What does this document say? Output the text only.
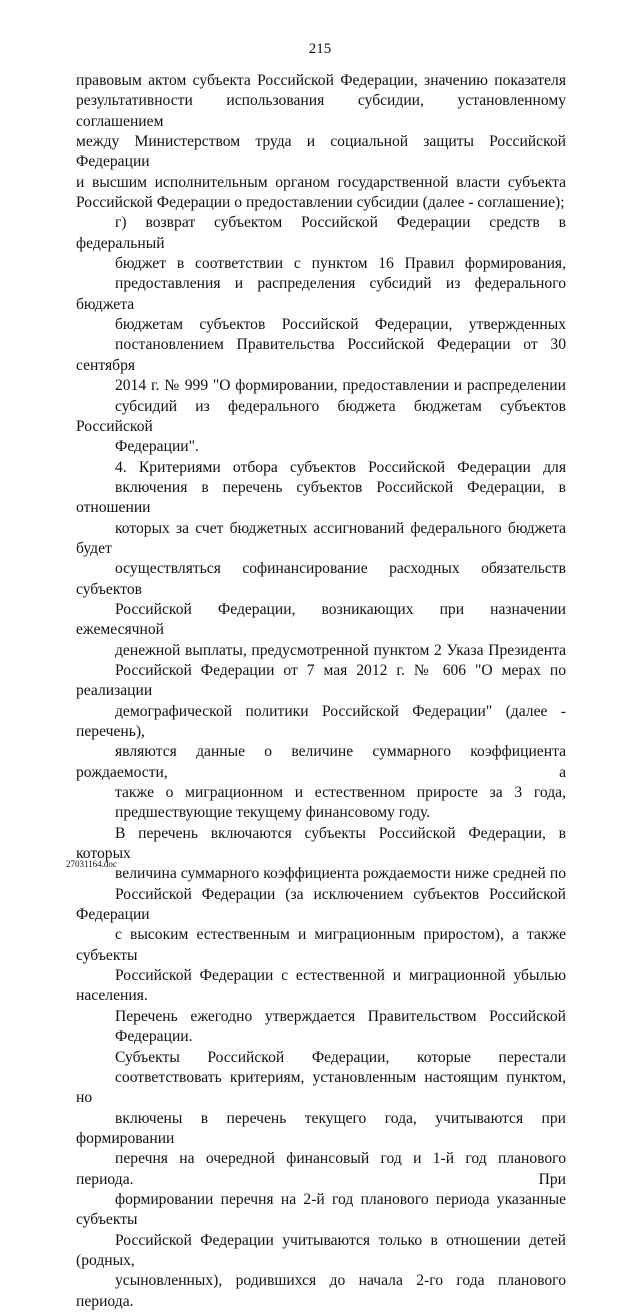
215
правовым актом субъекта Российской Федерации, значению показателя
результативности использования субсидии, установленному соглашением
между Министерством труда и социальной защиты Российской Федерации
и высшим исполнительным органом государственной власти субъекта
Российской Федерации о предоставлении субсидии (далее - соглашение);
г) возврат субъектом Российской Федерации средств в федеральный
бюджет в соответствии с пунктом 16 Правил формирования,
предоставления и распределения субсидий из федерального бюджета
бюджетам субъектов Российской Федерации, утвержденных
постановлением Правительства Российской Федерации от 30 сентября
2014 г. № 999 "О формировании, предоставлении и распределении
субсидий из федерального бюджета бюджетам субъектов Российской
Федерации".
4. Критериями отбора субъектов Российской Федерации для
включения в перечень субъектов Российской Федерации, в отношении
которых за счет бюджетных ассигнований федерального бюджета будет
осуществляться софинансирование расходных обязательств субъектов
Российской Федерации, возникающих при назначении ежемесячной
денежной выплаты, предусмотренной пунктом 2 Указа Президента
Российской Федерации от 7 мая 2012 г. № 606 "О мерах по реализации
демографической политики Российской Федерации" (далее - перечень),
являются данные о величине суммарного коэффициента рождаемости, а
также о миграционном и естественном приросте за 3 года,
предшествующие текущему финансовому году.
В перечень включаются субъекты Российской Федерации, в которых
величина суммарного коэффициента рождаемости ниже средней по
Российской Федерации (за исключением субъектов Российской Федерации
с высоким естественным и миграционным приростом), а также субъекты
Российской Федерации с естественной и миграционной убылью населения.
Перечень ежегодно утверждается Правительством Российской
Федерации.
Субъекты Российской Федерации, которые перестали
соответствовать критериям, установленным настоящим пунктом, но
включены в перечень текущего года, учитываются при формировании
перечня на очередной финансовый год и 1-й год планового периода. При
формировании перечня на 2-й год планового периода указанные субъекты
Российской Федерации учитываются только в отношении детей (родных,
усыновленных), родившихся до начала 2-го года планового периода.
27031164.doc
